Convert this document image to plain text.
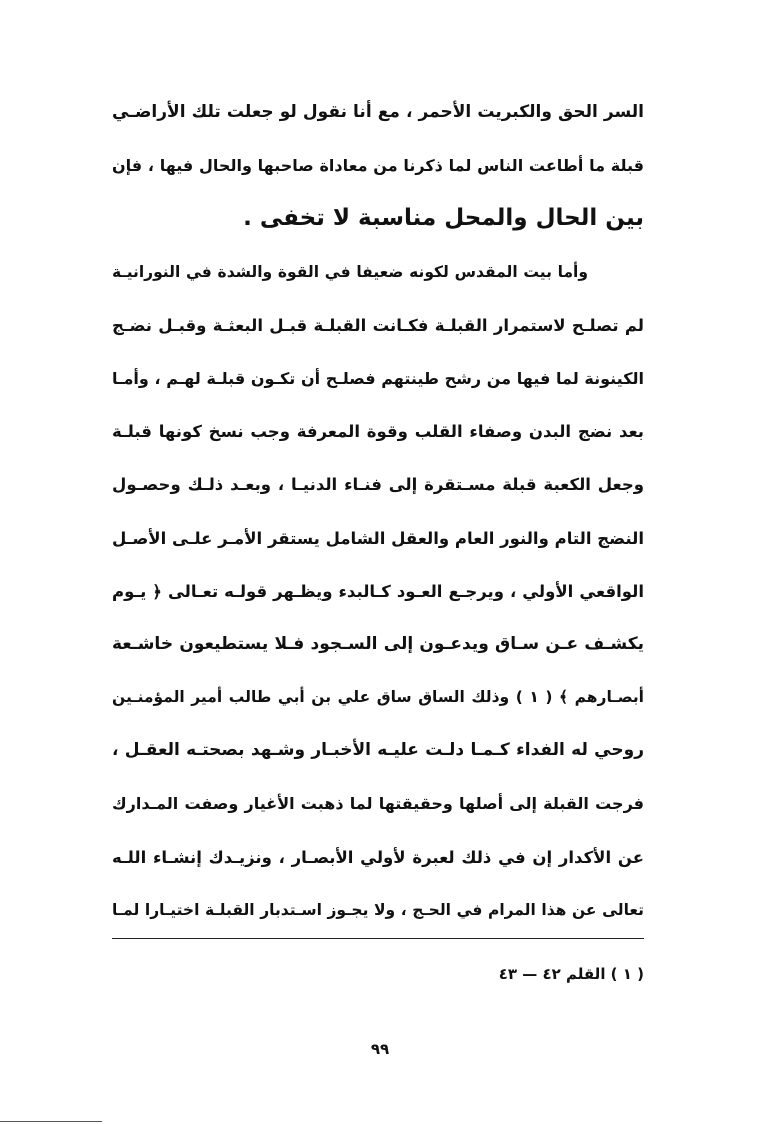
السر الحق والكبريت الأحمر ، مع أنا نقول لو جعلت تلك الأراضـي
قبلة ما أطاعت الناس لما ذكرنا من معاداة صاحبها والحال فيها ، فإن
بين الحال والمحل مناسبة لا تخفى .
وأما بيت المقدس لكونه ضعيفا في القوة والشدة في النورانيـة
لم تصلـح لاستمرار القبلـة فكـانت القبلـة قبـل البعثـة وقبـل نضـج
الكينونة لما فيها من رشح طينتهم فصلـح أن تكـون قبلـة لهـم ، وأمـا
بعد نضج البدن وصفاء القلب وقوة المعرفة وجب نسخ كونها قبلـة
وجعل الكعبة قبلة مسـتقرة إلى فنـاء الدنيـا ، وبعـد ذلـك وحصـول
النضج التام والنور العام والعقل الشامل يستقر الأمـر علـى الأصـل
الواقعي الأولي ، ويرجـع العـود كـالبدء ويظـهر قولـه تعـالى ﴿ يـوم
يكشـف عـن سـاق ويدعـون إلى السـجود فـلا يستطيعون خاشـعة
أبصـارهم ﴾ ( ١ ) وذلك الساق ساق علي بن أبي طالب أمير المؤمنـين
روحي له الفداء كـمـا دلـت عليـه الأخبـار وشـهد بصحتـه العقـل ،
فرجت القبلة إلى أصلها وحقيقتها لما ذهبت الأغيار وصفت المـدارك
عن الأكدار إن في ذلك لعبرة لأولي الأبصـار ، ونزيـدك إنشـاء اللـه
تعالى عن هذا المرام في الحـج ، ولا يجـوز اسـتدبار القبلـة اختيـارا لمـا
( ١ ) القلم ٤٢ — ٤٣
٩٩
